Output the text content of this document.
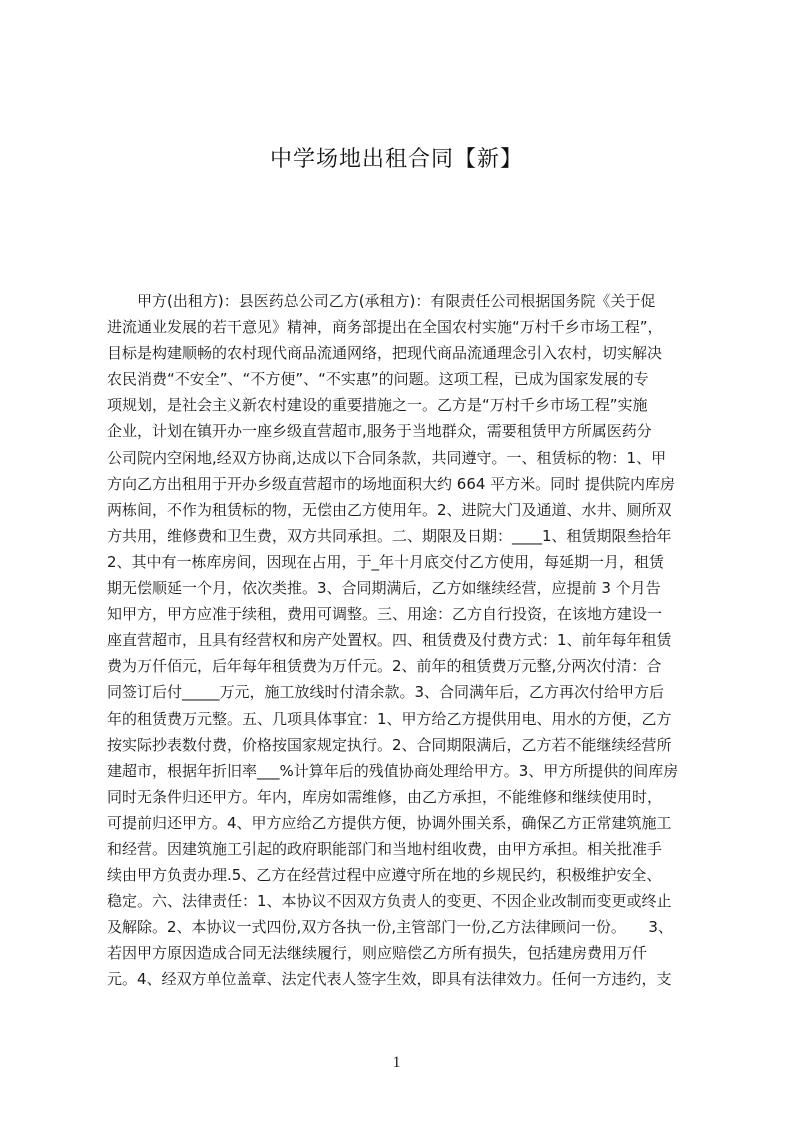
中学场地出租合同【新】
　　甲方(出租方)：县医药总公司乙方(承租方)：有限责任公司根据国务院《关于促
进流通业发展的若干意见》精神，商务部提出在全国农村实施“万村千乡市场工程”，
目标是构建顺畅的农村现代商品流通网络，把现代商品流通理念引入农村，切实解决
农民消费“不安全”、“不方便”、“不实惠”的问题。这项工程，已成为国家发展的专
项规划，是社会主义新农村建设的重要措施之一。乙方是“万村千乡市场工程”实施
企业，计划在镇开办一座乡级直营超市,服务于当地群众，需要租赁甲方所属医药分
公司院内空闲地,经双方协商,达成以下合同条款，共同遵守。一、租赁标的物：1、甲
方向乙方出租用于开办乡级直营超市的场地面积大约 664 平方米。同时 提供院内库房
两栋间，不作为租赁标的物，无偿由乙方使用年。2、进院大门及通道、水井、厕所双
方共用，维修费和卫生费，双方共同承担。二、期限及日期：____1、租赁期限叁拾年
2、其中有一栋库房间，因现在占用，于_年十月底交付乙方使用，每延期一月，租赁
期无偿顺延一个月，依次类推。3、合同期满后，乙方如继续经营，应提前 3 个月告
知甲方，甲方应准于续租，费用可调整。三、用途：乙方自行投资，在该地方建设一
座直营超市，且具有经营权和房产处置权。四、租赁费及付费方式：1、前年每年租赁
费为万仟佰元，后年每年租赁费为万仟元。2、前年的租赁费万元整,分两次付清：合
同签订后付_____万元，施工放线时付清余款。3、合同满年后，乙方再次付给甲方后
年的租赁费万元整。五、几项具体事宜：1、甲方给乙方提供用电、用水的方便，乙方
按实际抄表数付费，价格按国家规定执行。2、合同期限满后，乙方若不能继续经营所
建超市，根据年折旧率___%计算年后的残值协商处理给甲方。3、甲方所提供的间库房
同时无条件归还甲方。年内，库房如需维修，由乙方承担，不能维修和继续使用时，
可提前归还甲方。4、甲方应给乙方提供方便，协调外围关系，确保乙方正常建筑施工
和经营。因建筑施工引起的政府职能部门和当地村组收费，由甲方承担。相关批准手
续由甲方负责办理.5、乙方在经营过程中应遵守所在地的乡规民约，积极维护安全、
稳定。六、法律责任：1、本协议不因双方负责人的变更、不因企业改制而变更或终止
及解除。2、本协议一式四份,双方各执一份,主管部门一份,乙方法律顾问一份。　　3、
若因甲方原因造成合同无法继续履行，则应赔偿乙方所有损失，包括建房费用万仟
元。4、经双方单位盖章、法定代表人签字生效，即具有法律效力。任何一方违约，支
1
